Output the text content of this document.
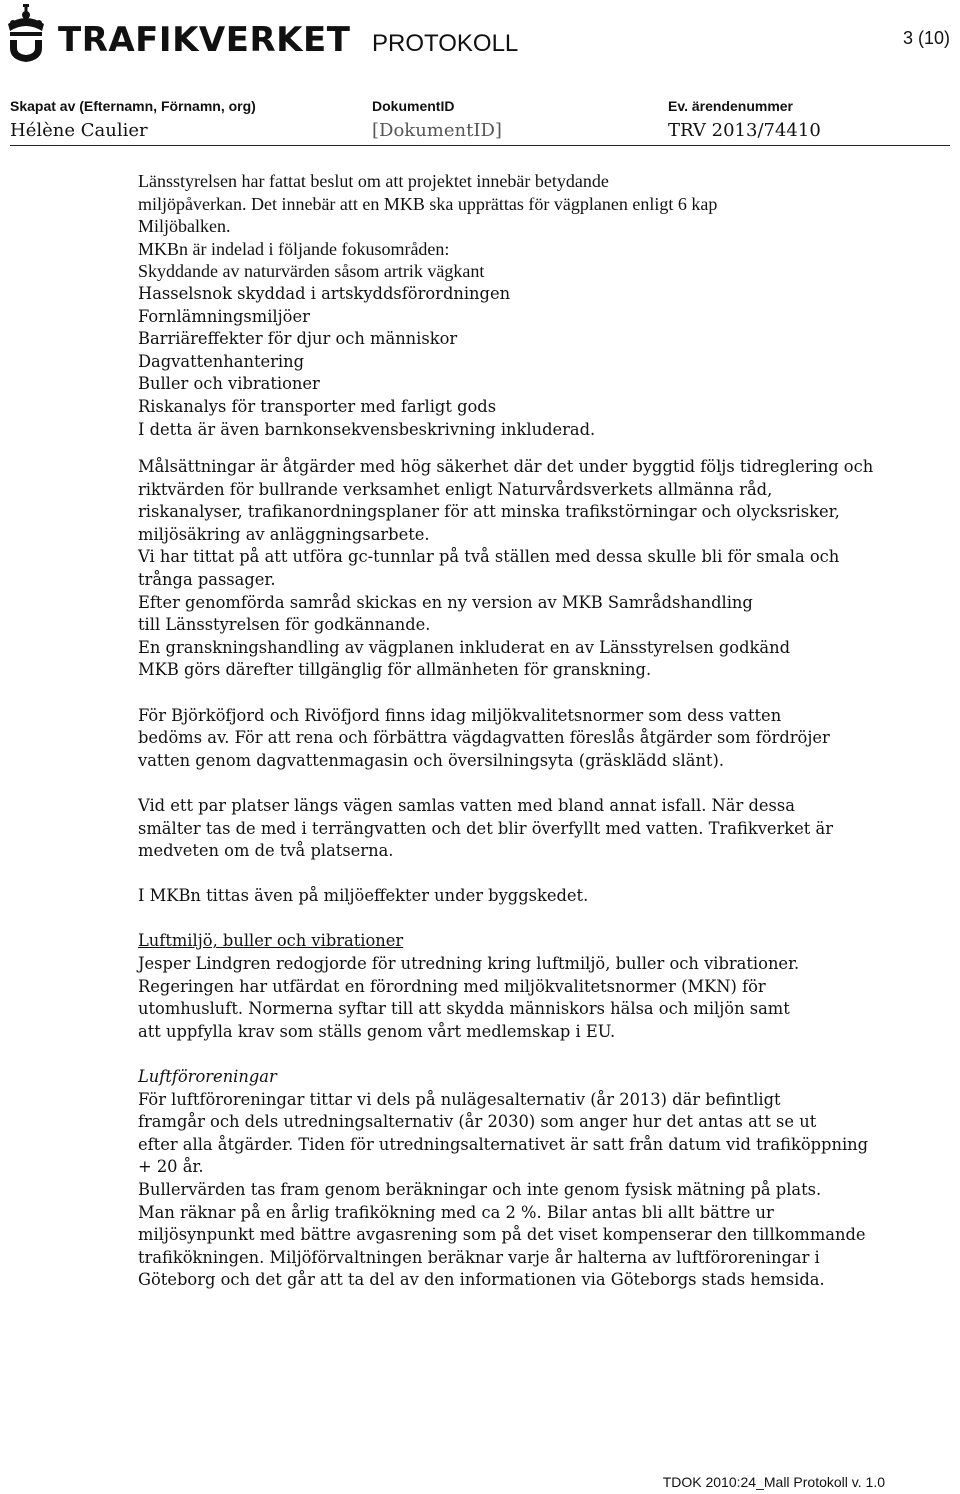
TRAFIKVERKET PROTOKOLL	3 (10)
Skapat av (Efternamn, Förnamn, org)
Hélène Caulier
DokumentID
[DokumentID]
Ev. ärendenummer
TRV 2013/74410

Länsstyrelsen har fattat beslut om att projektet innebär betydande

miljöpåverkan. Det innebär att en MKB ska upprättas för vägplanen enligt 6 kap

Miljöbalken.

MKBn är indelad i följande fokusområden:

Skyddande av naturvärden såsom artrik vägkant

Hasselsnok skyddad i artskyddsförordningen

Fornlämningsmiljöer

Barriäreffekter för djur och människor

Dagvattenhantering

Buller och vibrationer

Riskanalys för transporter med farligt gods

I detta är även barnkonsekvensbeskrivning inkluderad.

Målsättningar är åtgärder med hög säkerhet där det under byggtid följs tidreglering och

riktvärden för bullrande verksamhet enligt Naturvårdsverkets allmänna råd,

riskanalyser, trafikanordningsplaner för att minska trafikstörningar och olycksrisker,

miljösäkring av anläggningsarbete.

Vi har tittat på att utföra gc-tunnlar på två ställen med dessa skulle bli för smala och

trånga passager.

Efter genomförda samråd skickas en ny version av MKB Samrådshandling

till Länsstyrelsen för godkännande.

En granskningshandling av vägplanen inkluderat en av Länsstyrelsen godkänd

MKB görs därefter tillgänglig för allmänheten för granskning.

För Björköfjord och Rivöfjord finns idag miljökvalitetsnormer som dess vatten

bedöms av. För att rena och förbättra vägdagvatten föreslås åtgärder som fördröjer

vatten genom dagvattenmagasin och översilningsyta (gräsklädd slänt).

Vid ett par platser längs vägen samlas vatten med bland annat isfall. När dessa

smälter tas de med i terrängvatten och det blir överfyllt med vatten. Trafikverket är

medveten om de två platserna.

I MKBn tittas även på miljöeffekter under byggskedet.

Luftmiljö, buller och vibrationer

Jesper Lindgren redogjorde för utredning kring luftmiljö, buller och vibrationer.

Regeringen har utfärdat en förordning med miljökvalitetsnormer (MKN) för

utomhusluft. Normerna syftar till att skydda människors hälsa och miljön samt

att uppfylla krav som ställs genom vårt medlemskap i EU.

Luftföroreningar

För luftföroreningar tittar vi dels på nulägesalternativ (år 2013) där befintligt

framgår och dels utredningsalternativ (år 2030) som anger hur det antas att se ut

efter alla åtgärder. Tiden för utredningsalternativet är satt från datum vid trafiköppning

+ 20 år.

Bullervärden tas fram genom beräkningar och inte genom fysisk mätning på plats.

Man räknar på en årlig trafikökning med ca 2 %. Bilar antas bli allt bättre ur

miljösynpunkt med bättre avgasrening som på det viset kompenserar den tillkommande

trafikökningen. Miljöförvaltningen beräknar varje år halterna av luftföroreningar i

Göteborg och det går att ta del av den informationen via Göteborgs stads hemsida.

TDOK 2010:24_Mall Protokoll v. 1.0
